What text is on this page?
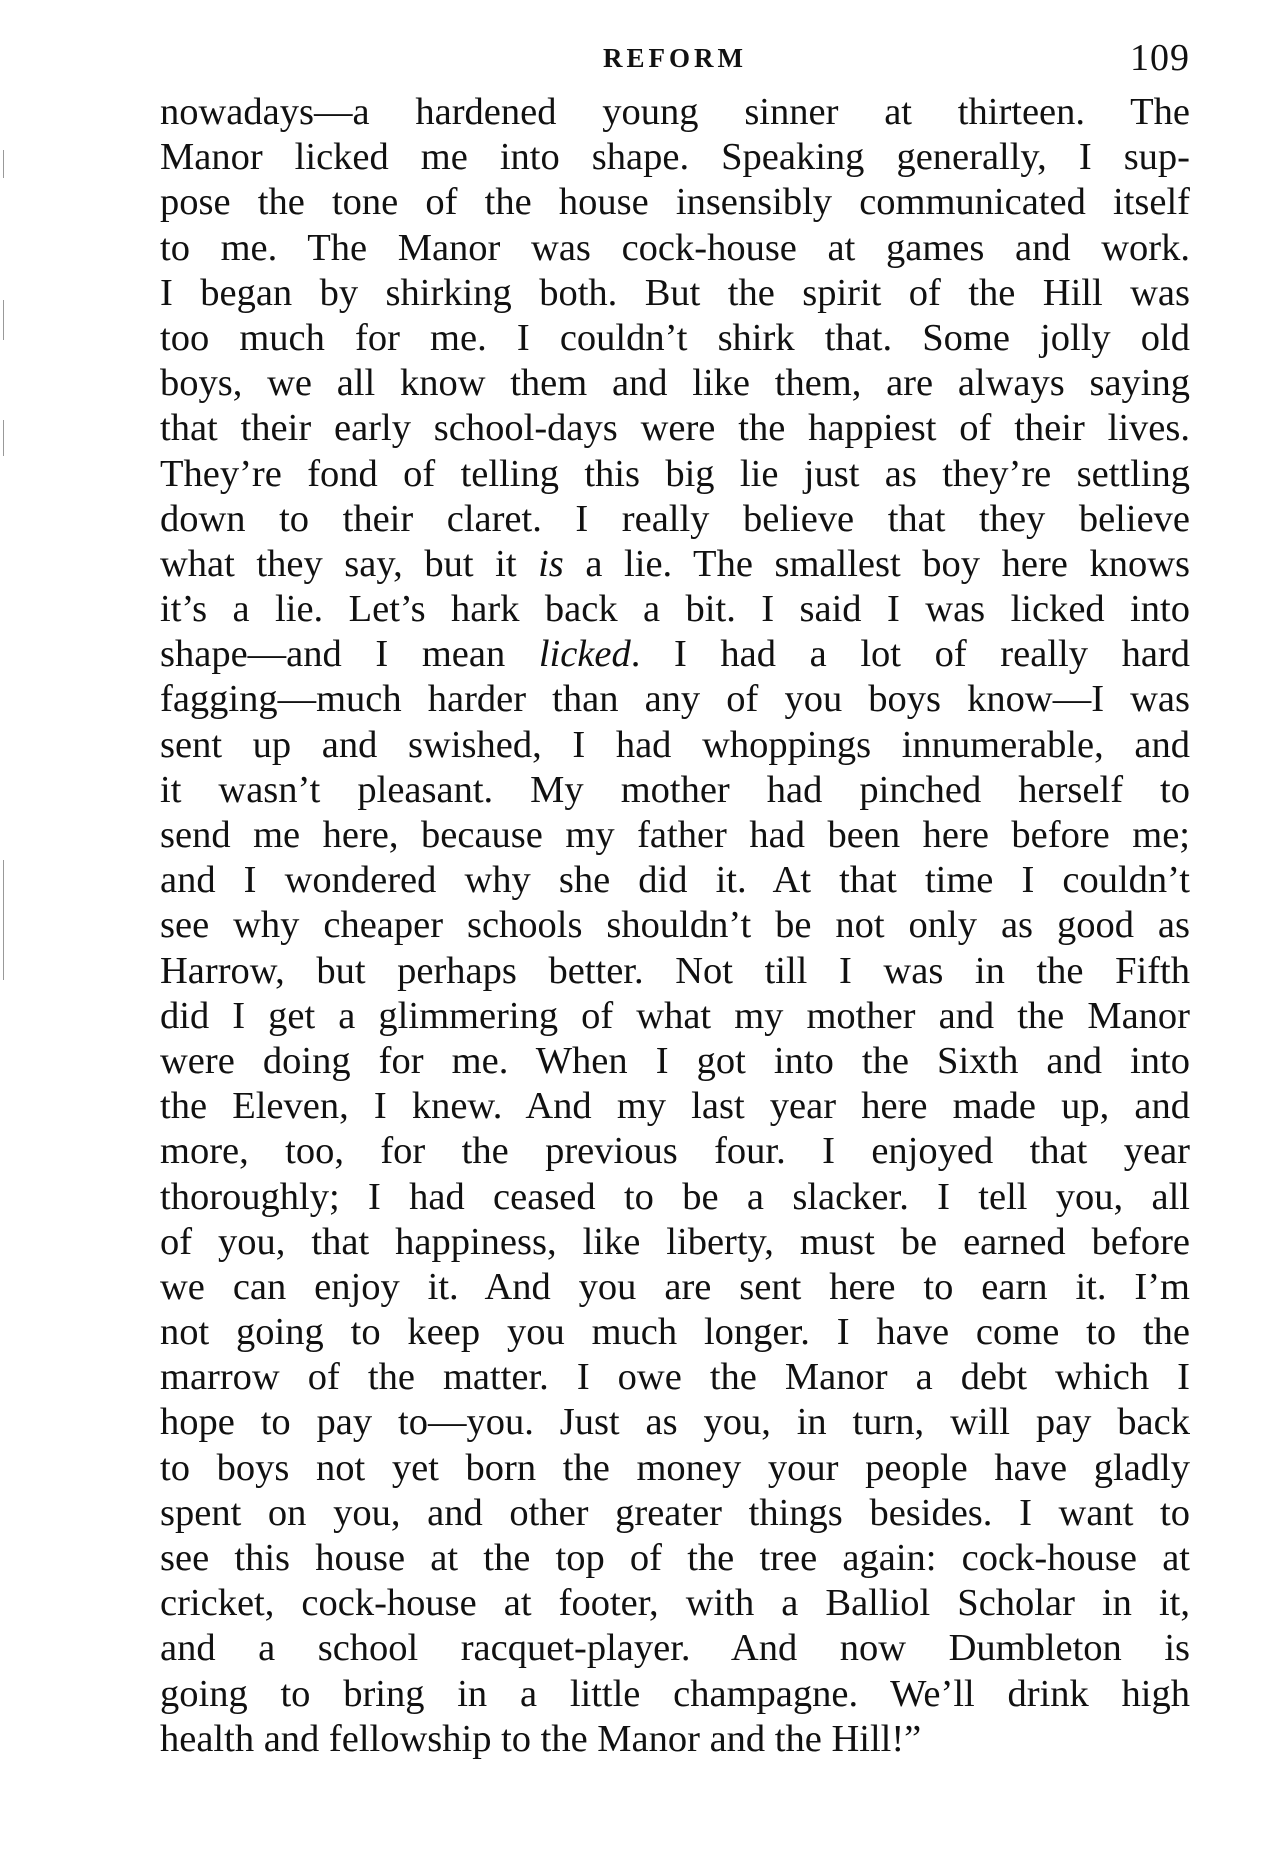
REFORM	109
nowadays—a hardened young sinner at thirteen. The
Manor licked me into shape. Speaking generally, I sup-
pose the tone of the house insensibly communicated itself
to me. The Manor was cock-house at games and work.
I began by shirking both. But the spirit of the Hill was
too much for me. I couldn’t shirk that. Some jolly old
boys, we all know them and like them, are always saying
that their early school-days were the happiest of their lives.
They’re fond of telling this big lie just as they’re settling
down to their claret. I really believe that they believe
what they say, but it is a lie. The smallest boy here knows
it’s a lie. Let’s hark back a bit. I said I was licked into
shape—and I mean licked. I had a lot of really hard
fagging—much harder than any of you boys know—I was
sent up and swished, I had whoppings innumerable, and
it wasn’t pleasant. My mother had pinched herself to
send me here, because my father had been here before me;
and I wondered why she did it. At that time I couldn’t
see why cheaper schools shouldn’t be not only as good as
Harrow, but perhaps better. Not till I was in the Fifth
did I get a glimmering of what my mother and the Manor
were doing for me. When I got into the Sixth and into
the Eleven, I knew. And my last year here made up, and
more, too, for the previous four. I enjoyed that year
thoroughly; I had ceased to be a slacker. I tell you, all
of you, that happiness, like liberty, must be earned before
we can enjoy it. And you are sent here to earn it. I’m
not going to keep you much longer. I have come to the
marrow of the matter. I owe the Manor a debt which I
hope to pay to—you. Just as you, in turn, will pay back
to boys not yet born the money your people have gladly
spent on you, and other greater things besides. I want to
see this house at the top of the tree again: cock-house at
cricket, cock-house at footer, with a Balliol Scholar in it,
and a school racquet-player. And now Dumbleton is
going to bring in a little champagne. We’ll drink high
health and fellowship to the Manor and the Hill!”
